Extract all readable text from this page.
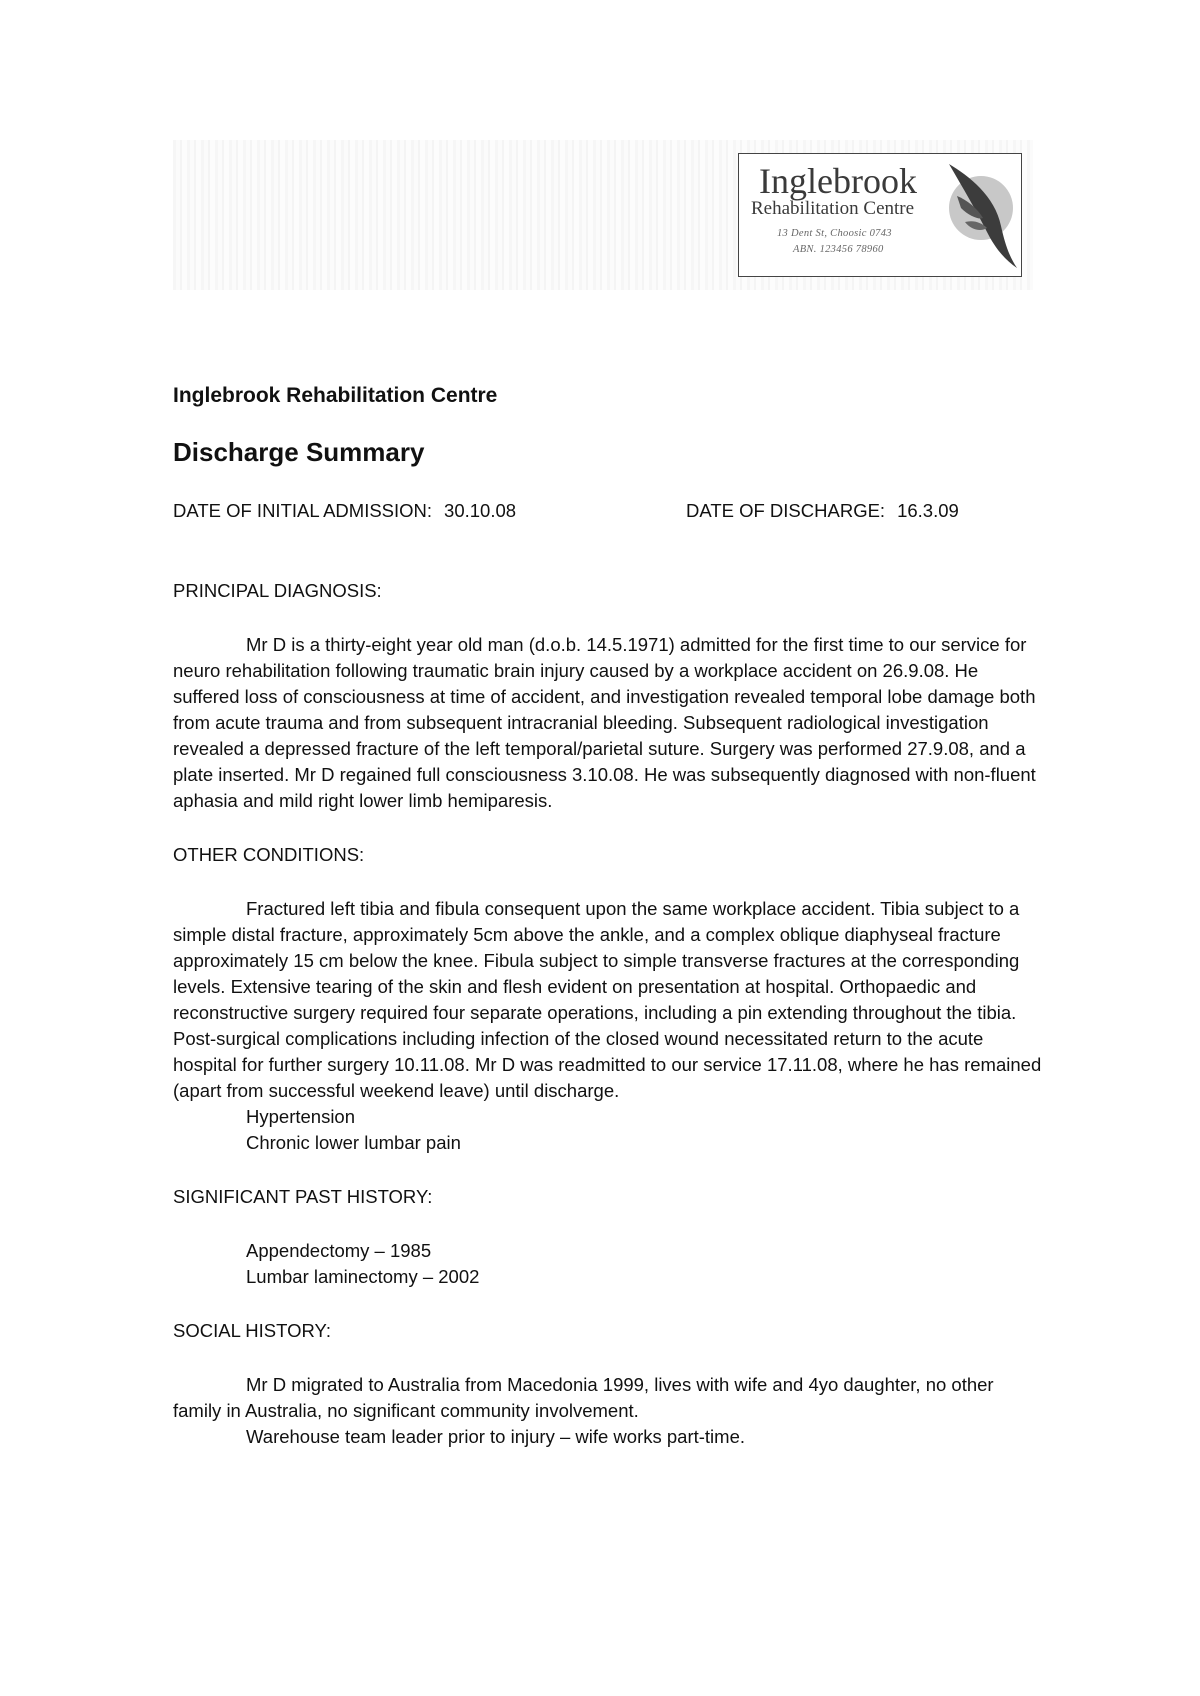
Inglebrook
Rehabilitation Centre
13 Dent St, Choosic 0743
ABN. 123456 78960
Inglebrook Rehabilitation Centre
Discharge Summary
DATE OF INITIAL ADMISSION: 30.10.08	DATE OF DISCHARGE: 16.3.09
PRINCIPAL DIAGNOSIS:

Mr D is a thirty-eight year old man (d.o.b. 14.5.1971) admitted for the first time to our service for neuro rehabilitation following traumatic brain injury caused by a workplace accident on 26.9.08. He suffered loss of consciousness at time of accident, and investigation revealed temporal lobe damage both from acute trauma and from subsequent intracranial bleeding. Subsequent radiological investigation revealed a depressed fracture of the left temporal/parietal suture. Surgery was performed 27.9.08, and a plate inserted. Mr D regained full consciousness 3.10.08. He was subsequently diagnosed with non-fluent aphasia and mild right lower limb hemiparesis.

OTHER CONDITIONS:

Fractured left tibia and fibula consequent upon the same workplace accident. Tibia subject to a simple distal fracture, approximately 5cm above the ankle, and a complex oblique diaphyseal fracture approximately 15 cm below the knee. Fibula subject to simple transverse fractures at the corresponding levels. Extensive tearing of the skin and flesh evident on presentation at hospital. Orthopaedic and reconstructive surgery required four separate operations, including a pin extending throughout the tibia. Post-surgical complications including infection of the closed wound necessitated return to the acute hospital for further surgery 10.11.08. Mr D was readmitted to our service 17.11.08, where he has remained (apart from successful weekend leave) until discharge.

Hypertension

Chronic lower lumbar pain

SIGNIFICANT PAST HISTORY:

Appendectomy – 1985

Lumbar laminectomy – 2002

SOCIAL HISTORY:

Mr D migrated to Australia from Macedonia 1999, lives with wife and 4yo daughter, no other family in Australia, no significant community involvement.

Warehouse team leader prior to injury – wife works part-time.
